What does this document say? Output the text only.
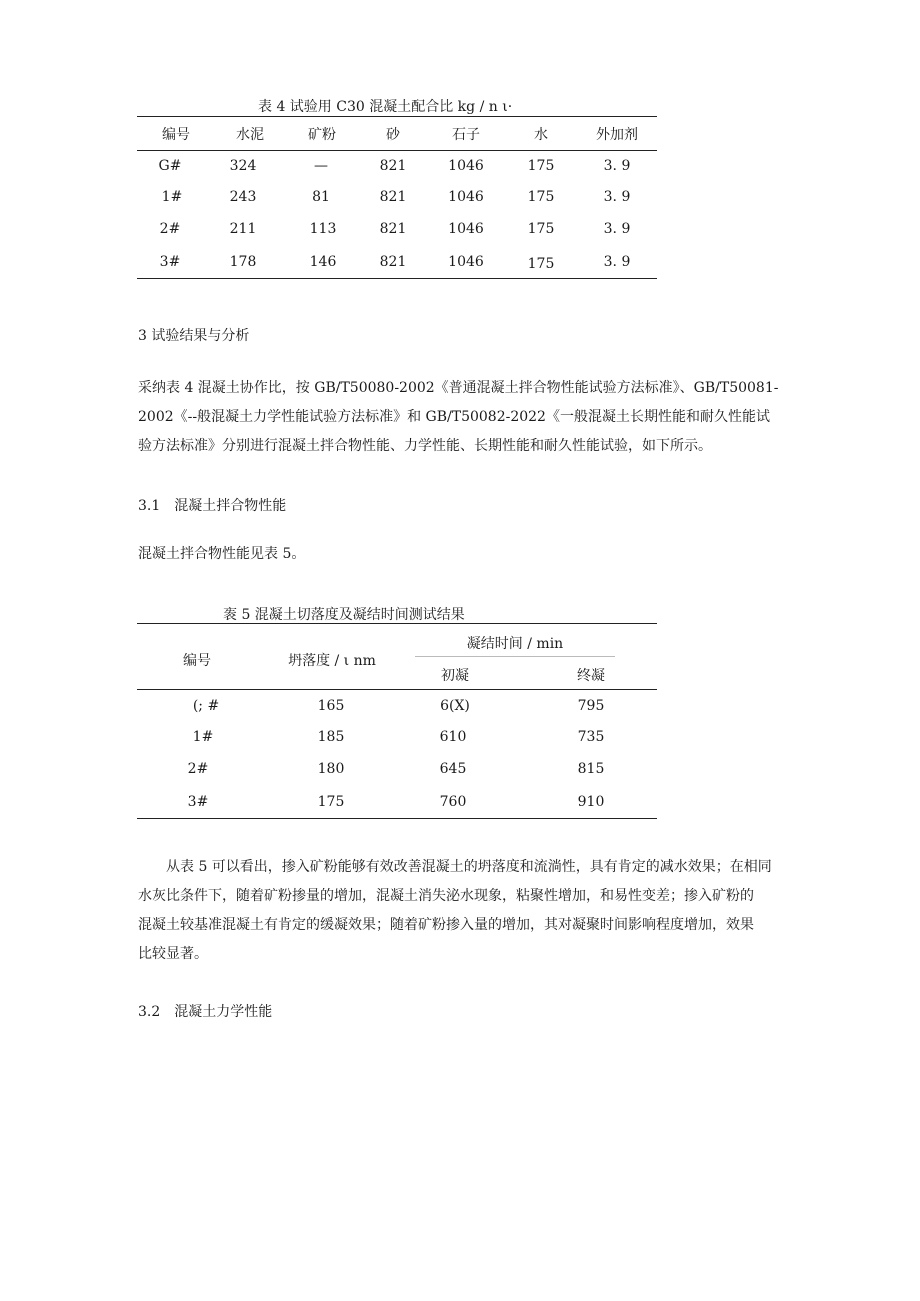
表 4 试验用 C30 混凝土配合比 kg / n ι·
编号	水泥	矿粉	砂	石子	水	外加剂
G#	324	—	821	1046	175	3. 9
1#	243	81	821	1046	175	3. 9
2#	211	113	821	1046	175	3. 9
3#	178	146	821	1046	175	3. 9
3 试验结果与分析
采纳表 4 混凝土协作比，按 GB/T50080-2002《普通混凝土拌合物性能试验方法标准》、GB/T50081-
2002《--般混凝土力学性能试验方法标准》和 GB/T50082-2022《一般混凝土长期性能和耐久性能试
验方法标准》分别进行混凝土拌合物性能、力学性能、长期性能和耐久性能试验，如下所示。
3.1　混凝土拌合物性能
混凝土拌合物性能见表 5。
袠 5 混凝土切落度及凝结时间测试结果
编号	坍落度 / ι nm
凝结时间 / min
初凝	终凝
(; #	165	6(X)	795
1#	185	610	735
2#	180	645	815
3#	175	760	910
　　从表 5 可以看出，掺入矿粉能够有效改善混凝土的坍落度和流淌性，具有肯定的减水效果；在相同
水灰比条件下，随着矿粉掺量的增加，混凝土消失泌水现象，粘聚性增加，和易性变差；掺入矿粉的
混凝土较基准混凝土有肯定的缓凝效果；随着矿粉掺入量的增加，其对凝聚时间影响程度增加，效果
比较显著。
3.2　混凝土力学性能
